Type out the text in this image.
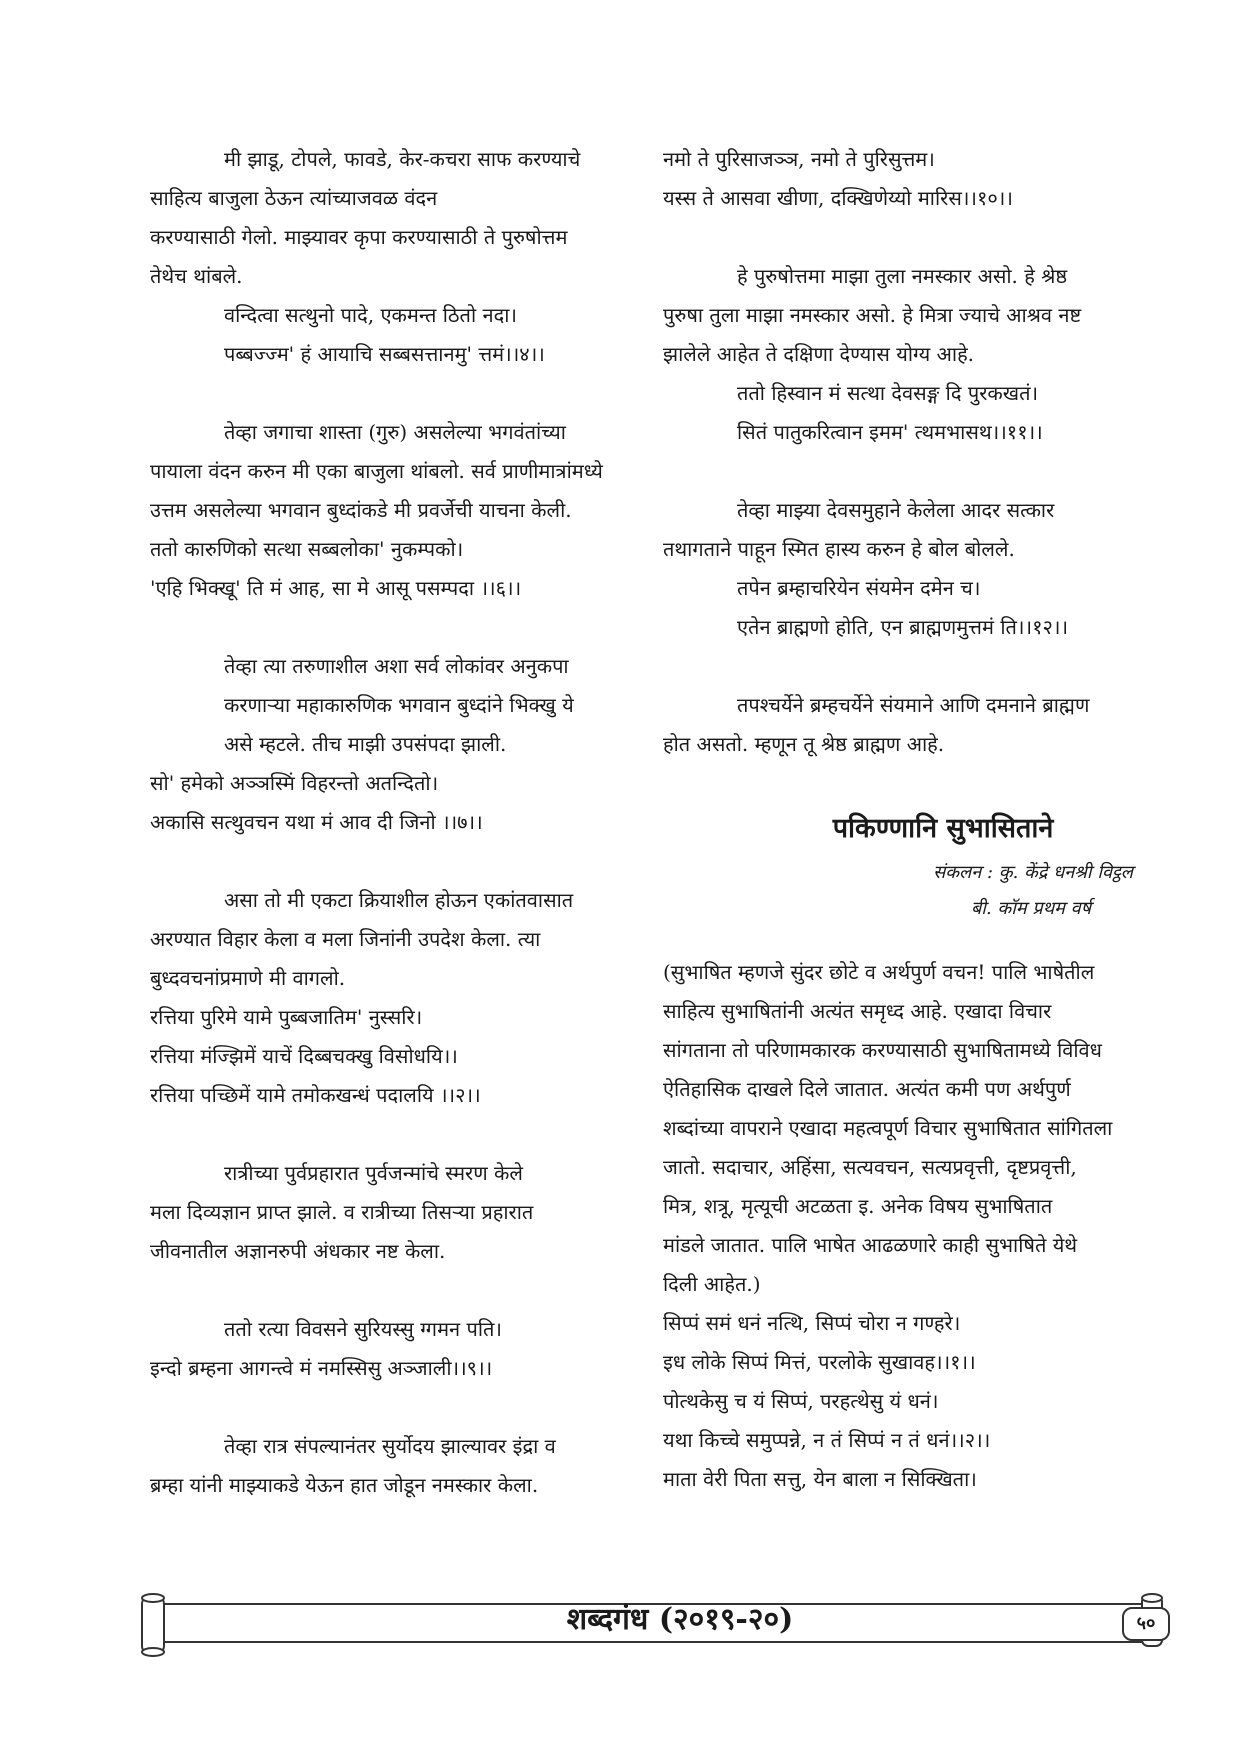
मी झाडू, टोपले, फावडे, केर-कचरा साफ करण्याचे
साहित्य बाजुला ठेऊन त्यांच्याजवळ वंदन
करण्यासाठी गेलो. माझ्यावर कृपा करण्यासाठी ते पुरुषोत्तम
तेथेच थांबले.
वन्दित्वा सत्थुनो पादे, एकमन्त ठितो नदा।
पब्बज्ज्म' हं आयाचि सब्बसत्तानमु' त्तमं।।४।।
तेव्हा जगाचा शास्ता (गुरु) असलेल्या भगवंतांच्या
पायाला वंदन करुन मी एका बाजुला थांबलो. सर्व प्राणीमात्रांमध्ये
उत्तम असलेल्या भगवान बुध्दांकडे मी प्रवर्जेची याचना केली.
ततो कारुणिको सत्था सब्बलोका' नुकम्पको।
'एहि भिक्खू' ति मं आह, सा मे आसू पसम्पदा ।।६।।
तेव्हा त्या तरुणाशील अशा सर्व लोकांवर अनुकपा
करणाऱ्या महाकारुणिक भगवान बुध्दांने भिक्खु ये
असे म्हटले. तीच माझी उपसंपदा झाली.
सो' हमेको अञ्ञस्मिं विहरन्तो अतन्दितो।
अकासि सत्थुवचन यथा मं आव दी जिनो ।।७।।
असा तो मी एकटा क्रियाशील होऊन एकांतवासात
अरण्यात विहार केला व मला जिनांनी उपदेश केला. त्या
बुध्दवचनांप्रमाणे मी वागलो.
रत्तिया पुरिमे यामे पुब्बजातिम' नुस्सरि।
रत्तिया मंज्झिमें याचें दिब्बचक्खु विसोधयि।।
रत्तिया पच्छिमें यामे तमोकखन्धं पदालयि ।।२।।
रात्रीच्या पुर्वप्रहारात पुर्वजन्मांचे स्मरण केले
मला दिव्यज्ञान प्राप्त झाले. व रात्रीच्या तिसऱ्या प्रहारात
जीवनातील अज्ञानरुपी अंधकार नष्ट केला.
ततो रत्या विवसने सुरियस्सु ग्गमन पति।
इन्दो ब्रम्हना आगन्त्वे मं नमस्सिसु अञ्जाली।।९।।
तेव्हा रात्र संपल्यानंतर सुर्योदय झाल्यावर इंद्रा व
ब्रम्हा यांनी माझ्याकडे येऊन हात जोडून नमस्कार केला.
नमो ते पुरिसाजञ्ञ, नमो ते पुरिसुत्तम।
यस्स ते आसवा खीणा, दक्खिणेय्यो मारिस।।१०।।
हे पुरुषोत्तमा माझा तुला नमस्कार असो. हे श्रेष्ठ
पुरुषा तुला माझा नमस्कार असो. हे मित्रा ज्याचे आश्रव नष्ट
झालेले आहेत ते दक्षिणा देण्यास योग्य आहे.
ततो हिस्वान मं सत्था देवसङ्ग दि पुरकखतं।
सितं पातुकरित्वान इमम' त्थमभासथ।।११।।
तेव्हा माझ्या देवसमुहाने केलेला आदर सत्कार
तथागताने पाहून स्मित हास्य करुन हे बोल बोलले.
तपेन ब्रम्हाचरियेन संयमेन दमेन च।
एतेन ब्राह्मणो होति, एन ब्राह्मणमुत्तमं ति।।१२।।
तपश्चर्येने ब्रम्हचर्येने संयमाने आणि दमनाने ब्राह्मण
होत असतो. म्हणून तू श्रेष्ठ ब्राह्मण आहे.
पकिण्णानि सुभासिताने
संकलन : कु. केंद्रे धनश्री विट्ठल
बी. कॉम प्रथम वर्ष
(सुभाषित म्हणजे सुंदर छोटे व अर्थपुर्ण वचन! पालि भाषेतील
साहित्य सुभाषितांनी अत्यंत समृध्द आहे. एखादा विचार
सांगताना तो परिणामकारक करण्यासाठी सुभाषितामध्ये विविध
ऐतिहासिक दाखले दिले जातात. अत्यंत कमी पण अर्थपुर्ण
शब्दांच्या वापराने एखादा महत्वपूर्ण विचार सुभाषितात सांगितला
जातो. सदाचार, अहिंसा, सत्यवचन, सत्यप्रवृत्ती, दृष्टप्रवृत्ती,
मित्र, शत्रू, मृत्यूची अटळता इ. अनेक विषय सुभाषितात
मांडले जातात. पालि भाषेत आढळणारे काही सुभाषिते येथे
दिली आहेत.)
सिप्पं समं धनं नत्थि, सिप्पं चोरा न गण्हरे।
इध लोके सिप्पं मित्तं, परलोके सुखावह।।१।।
पोत्थकेसु च यं सिप्पं, परहत्थेसु यं धनं।
यथा किच्चे समुप्पन्ने, न तं सिप्पं न तं धनं।।२।।
माता वेरी पिता सत्तु, येन बाला न सिक्खिता।
शब्दगंध (२०१९-२०)	५०
